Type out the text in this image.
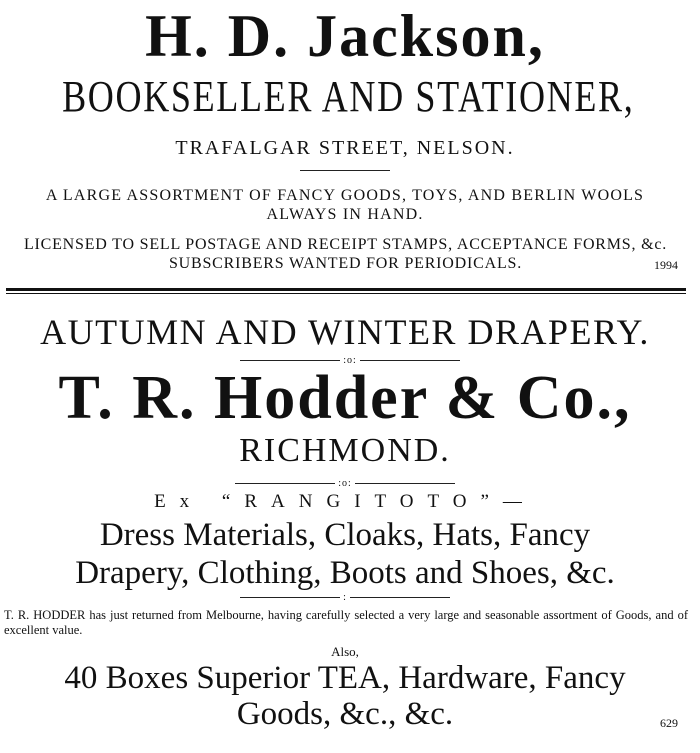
H. D. Jackson,
BOOKSELLER AND STATIONER,
TRAFALGAR STREET, NELSON.
A LARGE ASSORTMENT OF FANCY GOODS, TOYS, AND BERLIN WOOLS ALWAYS IN HAND.
LICENSED TO SELL POSTAGE AND RECEIPT STAMPS, ACCEPTANCE FORMS, &c. SUBSCRIBERS WANTED FOR PERIODICALS.	1994
AUTUMN AND WINTER DRAPERY.
:o:
T. R. Hodder & Co.,
RICHMOND.
:o:
Ex “RANGITOTO”—
Dress Materials, Cloaks, Hats, Fancy
Drapery, Clothing, Boots and Shoes, &c.
:
T. R. HODDER has just returned from Melbourne, having carefully selected a very large and seasonable assortment of Goods, and of excellent value.
Also,
40 Boxes Superior TEA, Hardware, Fancy
Goods, &c., &c.	629
